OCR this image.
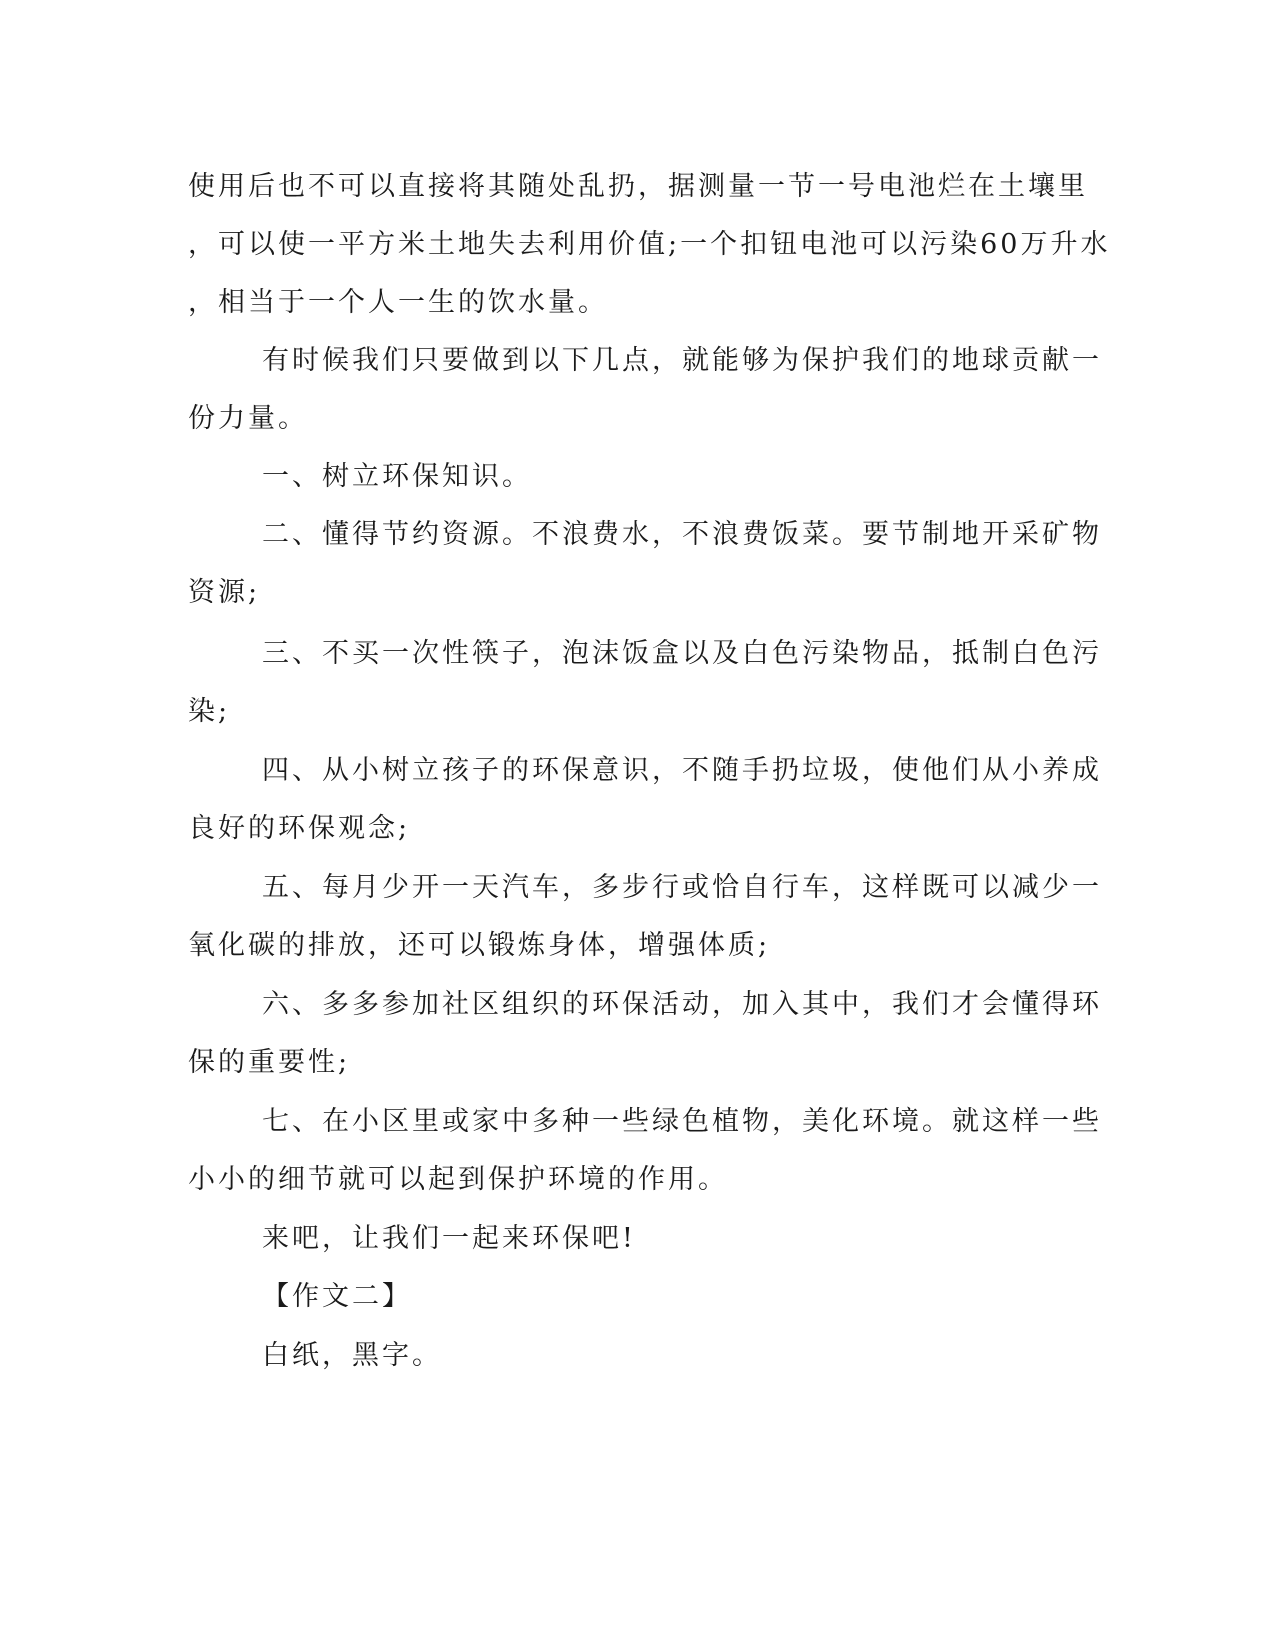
使用后也不可以直接将其随处乱扔，据测量一节一号电池烂在土壤里
，可以使一平方米土地失去利用价值;一个扣钮电池可以污染60万升水
，相当于一个人一生的饮水量。
有时候我们只要做到以下几点，就能够为保护我们的地球贡献一
份力量。
一、树立环保知识。
二、懂得节约资源。不浪费水，不浪费饭菜。要节制地开采矿物
资源;
三、不买一次性筷子，泡沫饭盒以及白色污染物品，抵制白色污
染;
四、从小树立孩子的环保意识，不随手扔垃圾，使他们从小养成
良好的环保观念;
五、每月少开一天汽车，多步行或恰自行车，这样既可以减少一
氧化碳的排放，还可以锻炼身体，增强体质;
六、多多参加社区组织的环保活动，加入其中，我们才会懂得环
保的重要性;
七、在小区里或家中多种一些绿色植物，美化环境。就这样一些
小小的细节就可以起到保护环境的作用。
来吧，让我们一起来环保吧!
【作文二】
白纸，黑字。
